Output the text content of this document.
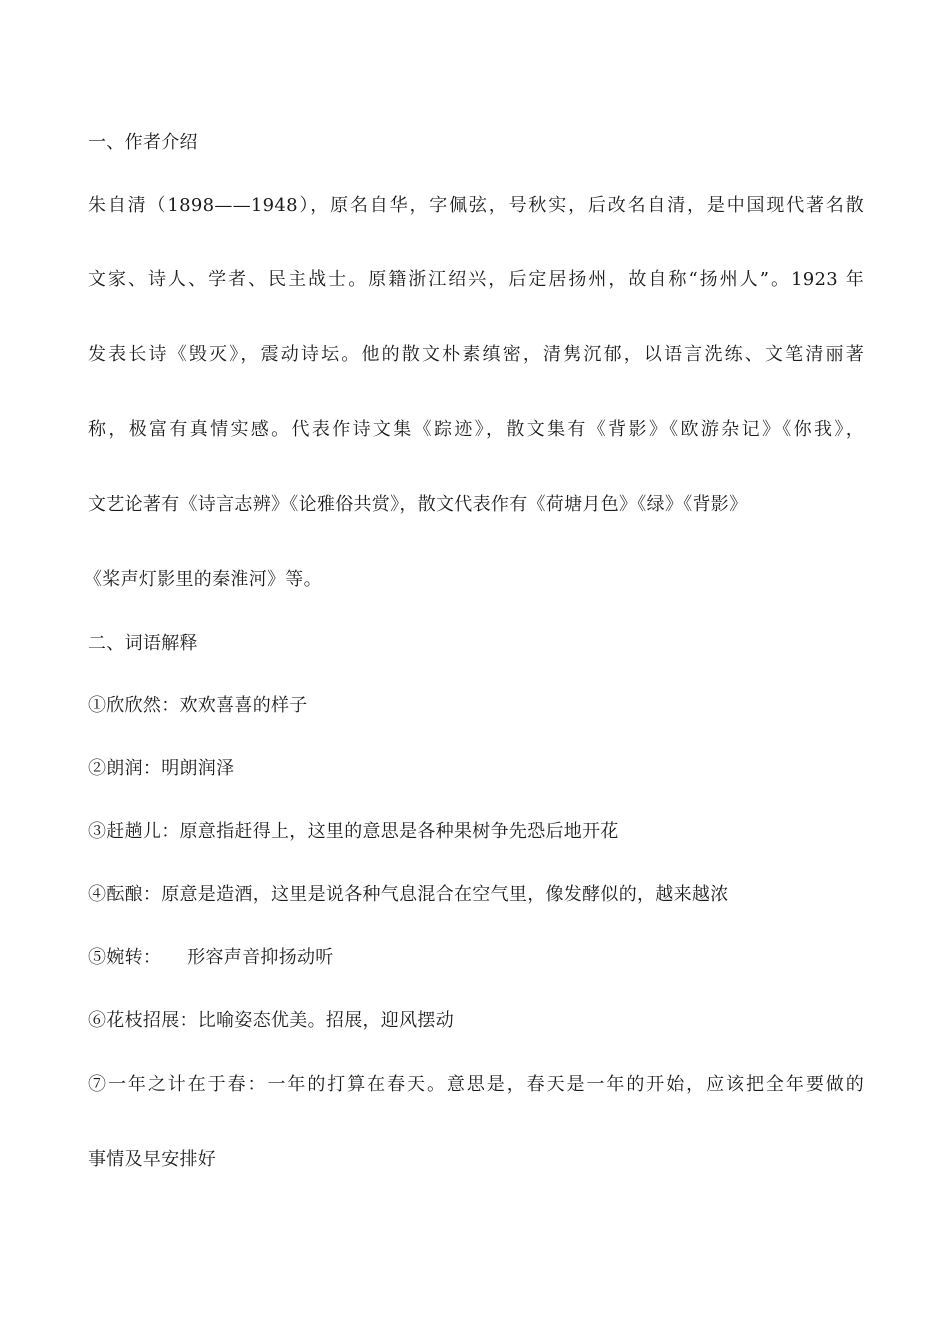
一、作者介绍
朱自清（1898——1948），原名自华，字佩弦，号秋实，后改名自清，是中国现代著名散
文家、诗人、学者、民主战士。原籍浙江绍兴，后定居扬州，故自称“扬州人”。1923 年
发表长诗《毁灭》，震动诗坛。他的散文朴素缜密，清隽沉郁，以语言洗练、文笔清丽著
称，极富有真情实感。代表作诗文集《踪迹》，散文集有《背影》《欧游杂记》《你我》，
文艺论著有《诗言志辨》《论雅俗共赏》，散文代表作有《荷塘月色》《绿》《背影》
《桨声灯影里的秦淮河》等。
二、词语解释
①欣欣然：欢欢喜喜的样子
②朗润：明朗润泽
③赶趟儿：原意指赶得上，这里的意思是各种果树争先恐后地开花
④酝酿：原意是造酒，这里是说各种气息混合在空气里，像发酵似的，越来越浓
⑤婉转： 形容声音抑扬动听
⑥花枝招展：比喻姿态优美。招展，迎风摆动
⑦一年之计在于春：一年的打算在春天。意思是，春天是一年的开始，应该把全年要做的
事情及早安排好
